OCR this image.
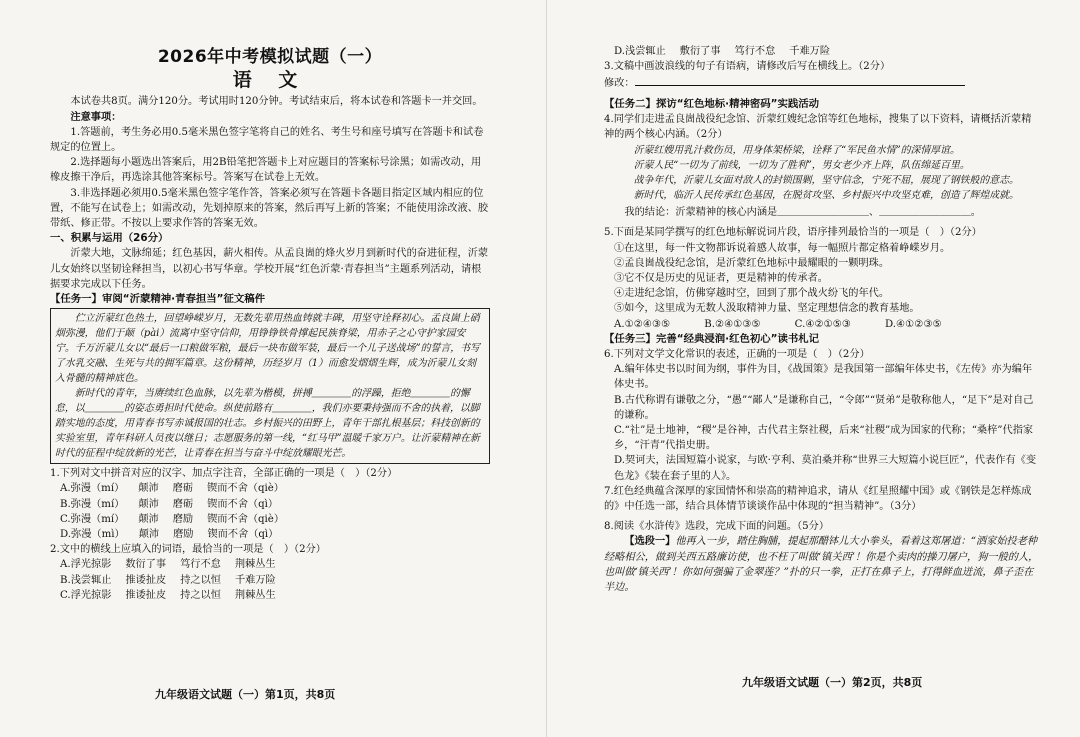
2026年中考模拟试题（一）
语 文

本试卷共8页。满分120分。考试用时120分钟。考试结束后，将本试卷和答题卡一并交回。

注意事项：

1.答题前，考生务必用0.5毫米黑色签字笔将自己的姓名、考生号和座号填写在答题卡和试卷规定的位置上。

2.选择题每小题选出答案后，用2B铅笔把答题卡上对应题目的答案标号涂黑；如需改动，用橡皮擦干净后，再选涂其他答案标号。答案写在试卷上无效。

3.非选择题必须用0.5毫米黑色签字笔作答，答案必须写在答题卡各题目指定区域内相应的位置，不能写在试卷上；如需改动，先划掉原来的答案，然后再写上新的答案；不能使用涂改液、胶带纸、修正带。不按以上要求作答的答案无效。

一、积累与运用（26分）

沂蒙大地，文脉绵延；红色基因，薪火相传。从孟良崮的烽火岁月到新时代的奋进征程，沂蒙儿女始终以坚韧诠释担当，以初心书写华章。学校开展“红色沂蒙·青春担当”主题系列活动，请根据要求完成以下任务。

【任务一】审阅“沂蒙精神·青春担当”征文稿件

伫立沂蒙红色热土，回望峥嵘岁月，无数先辈用热血铸就丰碑，用坚守诠释初心。孟良崮上硝烟弥漫，他们于颠（pài）流离中坚守信仰，用铮铮铁骨撑起民族脊梁，用赤子之心守护家园安宁。千万沂蒙儿女以“最后一口粮做军粮，最后一块布做军装，最后一个儿子送战场”的誓言，书写了水乳交融、生死与共的拥军篇章。这份精神，历经岁月（1）而愈发熠熠生辉，成为沂蒙儿女刻入骨髓的精神底色。

新时代的青年，当赓续红色血脉，以先辈为楷模，拼搏＿＿＿＿的浮躁，拒绝＿＿＿＿的懈怠，以＿＿＿＿的姿态勇担时代使命。纵使前路有＿＿＿＿，我们亦要秉持强而不舍的执着，以脚踏实地的态度，用青春书写赤诚报国的壮志。乡村振兴的田野上，青年干部扎根基层；科技创新的实验室里，青年科研人员夜以继日；志愿服务的第一线，“红马甲”温暖千家万户。让沂蒙精神在新时代的征程中绽放新的光芒，让青春在担当与奋斗中绽放耀眼光芒。

1.下列对文中拼音对应的汉字、加点字注音，全部正确的一项是（　）（2分）

A.弥漫（mí） 颠沛 磨砺 锲而不舍（qiè）
B.弥漫（mí） 颠沛 磨砺 锲而不舍（qì）
C.弥漫（mí） 颠沛 磨励 锲而不舍（qiè）
D.弥漫（mì） 颠沛 磨励 锲而不舍（qì）

2.文中的横线上应填入的词语，最恰当的一项是（　）（2分）

A.浮光掠影 数衍了事 笃行不怠 荆棘丛生
B.浅尝辄止 推诿扯皮 持之以恒 千难万险
C.浮光掠影 推诿扯皮 持之以恒 荆棘丛生
九年级语文试题（一）第1页，共8页
D.浅尝辄止 敷衍了事 笃行不怠 千难万险

3.文稿中画波浪线的句子有语病，请修改后写在横线上。（2分）

修改：

【任务二】探访“红色地标·精神密码”实践活动

4.同学们走进孟良崮战役纪念馆、沂蒙红嫂纪念馆等红色地标，搜集了以下资料，请概括沂蒙精神的两个核心内涵。（2分）

沂蒙红嫂用乳汁救伤员，用身体架桥梁，诠释了“军民鱼水情”的深情厚谊。

沂蒙人民“一切为了前线，一切为了胜利”，男女老少齐上阵，队伍绵延百里。

战争年代，沂蒙儿女面对敌人的封锁围剿，坚守信念，宁死不屈，展现了钢铁般的意志。

新时代，临沂人民传承红色基因，在脱贫攻坚、乡村振兴中攻坚克难，创造了辉煌成就。

我的结论：沂蒙精神的核心内涵是＿＿＿＿＿＿＿＿＿、＿＿＿＿＿＿＿＿＿。

5.下面是某同学撰写的红色地标解说词片段，语序排列最恰当的一项是（　）（2分）

①在这里，每一件文物都诉说着感人故事，每一幅照片都定格着峥嵘岁月。

②孟良崮战役纪念馆，是沂蒙红色地标中最耀眼的一颗明珠。

③它不仅是历史的见证者，更是精神的传承者。

④走进纪念馆，仿佛穿越时空，回到了那个战火纷飞的年代。

⑤如今，这里成为无数人汲取精神力量、坚定理想信念的教育基地。

A.①②④③⑤	B.②④①③⑤	C.④②①⑤③	D.④①②③⑤

【任务三】完善“经典浸润·红色初心”读书札记

6.下列对文学文化常识的表述，正确的一项是（　）（2分）

A.编年体史书以时间为纲，事件为目，《战国策》是我国第一部编年体史书，《左传》亦为编年体史书。

B.古代称谓有谦敬之分，“愚”“鄙人”是谦称自己，“令郎”“贤弟”是敬称他人，“足下”是对自己的谦称。

C.“社”是土地神，“稷”是谷神，古代君主祭社稷，后来“社稷”成为国家的代称；“桑梓”代指家乡，“汗青”代指史册。

D.契诃夫，法国短篇小说家，与欧·亨利、莫泊桑并称“世界三大短篇小说巨匠”，代表作有《变色龙》《装在套子里的人》。

7.红色经典蕴含深厚的家国情怀和崇高的精神追求，请从《红星照耀中国》或《钢铁是怎样炼成的》中任选一部，结合具体情节谈谈作品中体现的“担当精神”。（3分）

8.阅读《水浒传》选段，完成下面的问题。（5分）

【选段一】他再入一步，踏住胸脯，提起那醋钵儿大小拳头，看着这郑屠道：“洒家始投老种经略相公，做到关西五路廉访使，也不枉了叫做‘镇关西’！你是个卖肉的操刀屠户，狗一般的人，也叫做‘镇关西’！你如何强骗了金翠莲？”扑的只一拳，正打在鼻子上，打得鲜血迸流，鼻子歪在半边。

九年级语文试题（一）第2页，共8页
